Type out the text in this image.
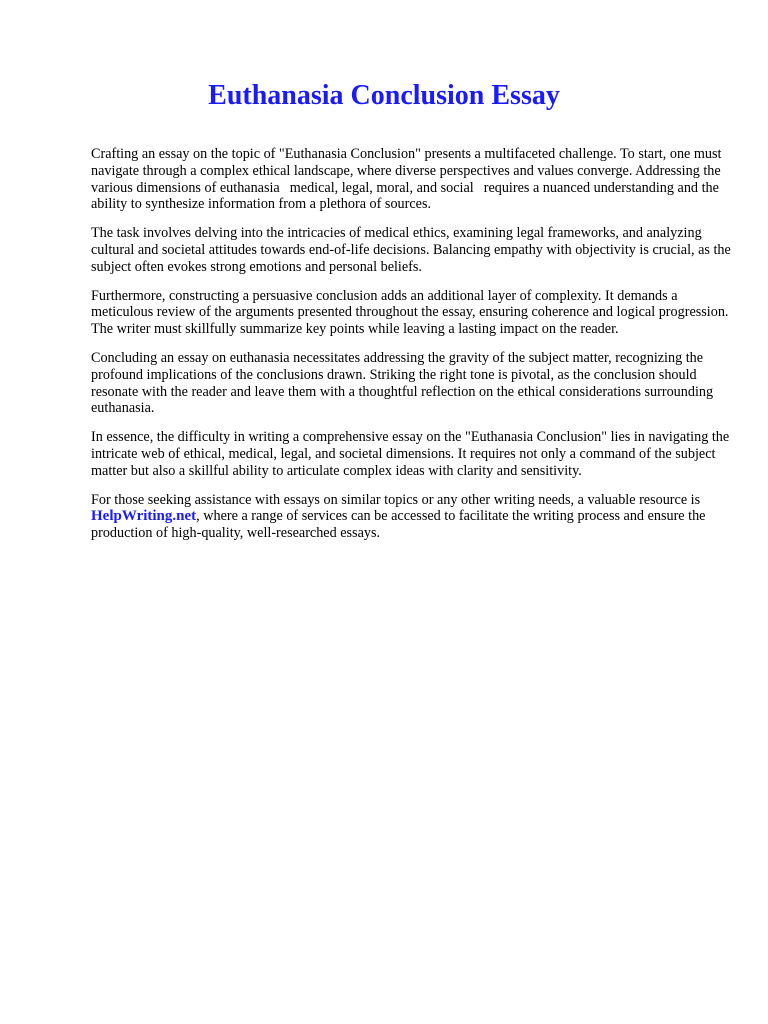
Euthanasia Conclusion Essay

Crafting an essay on the topic of "Euthanasia Conclusion" presents a multifaceted challenge. To start, one must navigate through a complex ethical landscape, where diverse perspectives and values converge. Addressing the various dimensions of euthanasia medical, legal, moral, and social requires a nuanced understanding and the ability to synthesize information from a plethora of sources.

The task involves delving into the intricacies of medical ethics, examining legal frameworks, and analyzing cultural and societal attitudes towards end-of-life decisions. Balancing empathy with objectivity is crucial, as the subject often evokes strong emotions and personal beliefs.

Furthermore, constructing a persuasive conclusion adds an additional layer of complexity. It demands a meticulous review of the arguments presented throughout the essay, ensuring coherence and logical progression. The writer must skillfully summarize key points while leaving a lasting impact on the reader.

Concluding an essay on euthanasia necessitates addressing the gravity of the subject matter, recognizing the profound implications of the conclusions drawn. Striking the right tone is pivotal, as the conclusion should resonate with the reader and leave them with a thoughtful reflection on the ethical considerations surrounding euthanasia.

In essence, the difficulty in writing a comprehensive essay on the "Euthanasia Conclusion" lies in navigating the intricate web of ethical, medical, legal, and societal dimensions. It requires not only a command of the subject matter but also a skillful ability to articulate complex ideas with clarity and sensitivity.

For those seeking assistance with essays on similar topics or any other writing needs, a valuable resource is HelpWriting.net, where a range of services can be accessed to facilitate the writing process and ensure the production of high-quality, well-researched essays.
